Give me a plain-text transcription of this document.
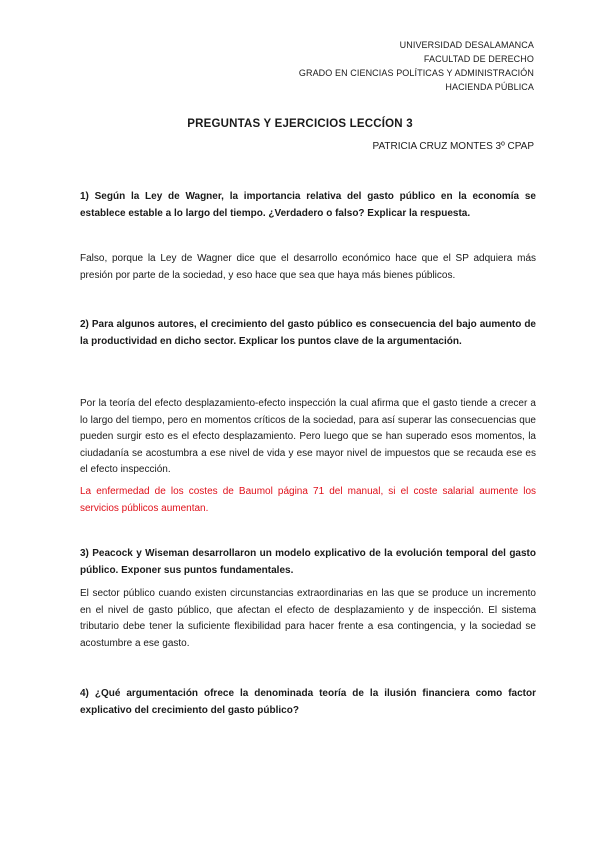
UNIVERSIDAD DESALAMANCA
FACULTAD DE DERECHO
GRADO EN CIENCIAS POLÍTICAS Y ADMINISTRACIÓN
HACIENDA PÚBLICA
PREGUNTAS Y EJERCICIOS LECCÍON 3
PATRICIA CRUZ MONTES 3º CPAP
1) Según la Ley de Wagner, la importancia relativa del gasto público en la economía se establece estable a lo largo del tiempo. ¿Verdadero o falso? Explicar la respuesta.
Falso, porque la Ley de Wagner dice que el desarrollo económico hace que el SP adquiera más presión por parte de la sociedad, y eso hace que sea que haya más bienes públicos.
2) Para algunos autores, el crecimiento del gasto público es consecuencia del bajo aumento de la productividad en dicho sector. Explicar los puntos clave de la argumentación.
Por la teoría del efecto desplazamiento-efecto inspección la cual afirma que el gasto tiende a crecer a lo largo del tiempo, pero en momentos críticos de la sociedad, para así superar las consecuencias que pueden surgir esto es el efecto desplazamiento. Pero luego que se han superado esos momentos, la ciudadanía se acostumbra a ese nivel de vida y ese mayor nivel de impuestos que se recauda ese es el efecto inspección.
La enfermedad de los costes de Baumol página 71 del manual, si el coste salarial aumente los servicios públicos aumentan.
3) Peacock y Wiseman desarrollaron un modelo explicativo de la evolución temporal del gasto público. Exponer sus puntos fundamentales.
El sector público cuando existen circunstancias extraordinarias en las que se produce un incremento en el nivel de gasto público, que afectan el efecto de desplazamiento y de inspección. El sistema tributario debe tener la suficiente flexibilidad para hacer frente a esa contingencia, y la sociedad se acostumbre a ese gasto.
4) ¿Qué argumentación ofrece la denominada teoría de la ilusión financiera como factor explicativo del crecimiento del gasto público?
